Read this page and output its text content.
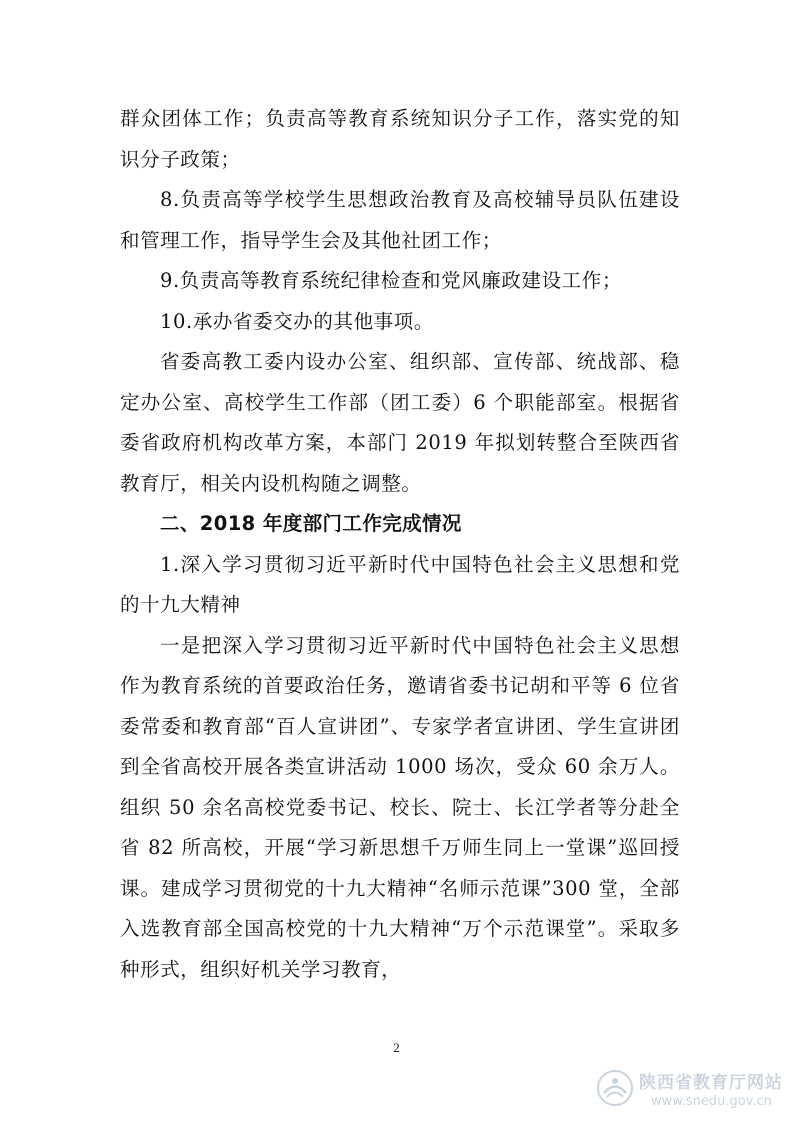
群众团体工作；负责高等教育系统知识分子工作，落实党的知识分子政策；

8.负责高等学校学生思想政治教育及高校辅导员队伍建设和管理工作，指导学生会及其他社团工作；

9.负责高等教育系统纪律检查和党风廉政建设工作；

10.承办省委交办的其他事项。

省委高教工委内设办公室、组织部、宣传部、统战部、稳定办公室、高校学生工作部（团工委）6 个职能部室。根据省委省政府机构改革方案，本部门 2019 年拟划转整合至陕西省教育厅，相关内设机构随之调整。

二、2018 年度部门工作完成情况

1.深入学习贯彻习近平新时代中国特色社会主义思想和党的十九大精神

一是把深入学习贯彻习近平新时代中国特色社会主义思想作为教育系统的首要政治任务，邀请省委书记胡和平等 6 位省委常委和教育部“百人宣讲团”、专家学者宣讲团、学生宣讲团到全省高校开展各类宣讲活动 1000 场次，受众 60 余万人。组织 50 余名高校党委书记、校长、院士、长江学者等分赴全省 82 所高校，开展“学习新思想千万师生同上一堂课”巡回授课。建成学习贯彻党的十九大精神“名师示范课”300 堂，全部入选教育部全国高校党的十九大精神“万个示范课堂”。采取多种形式，组织好机关学习教育，

2
陕西省教育厅网站
www.snedu.gov.cn
